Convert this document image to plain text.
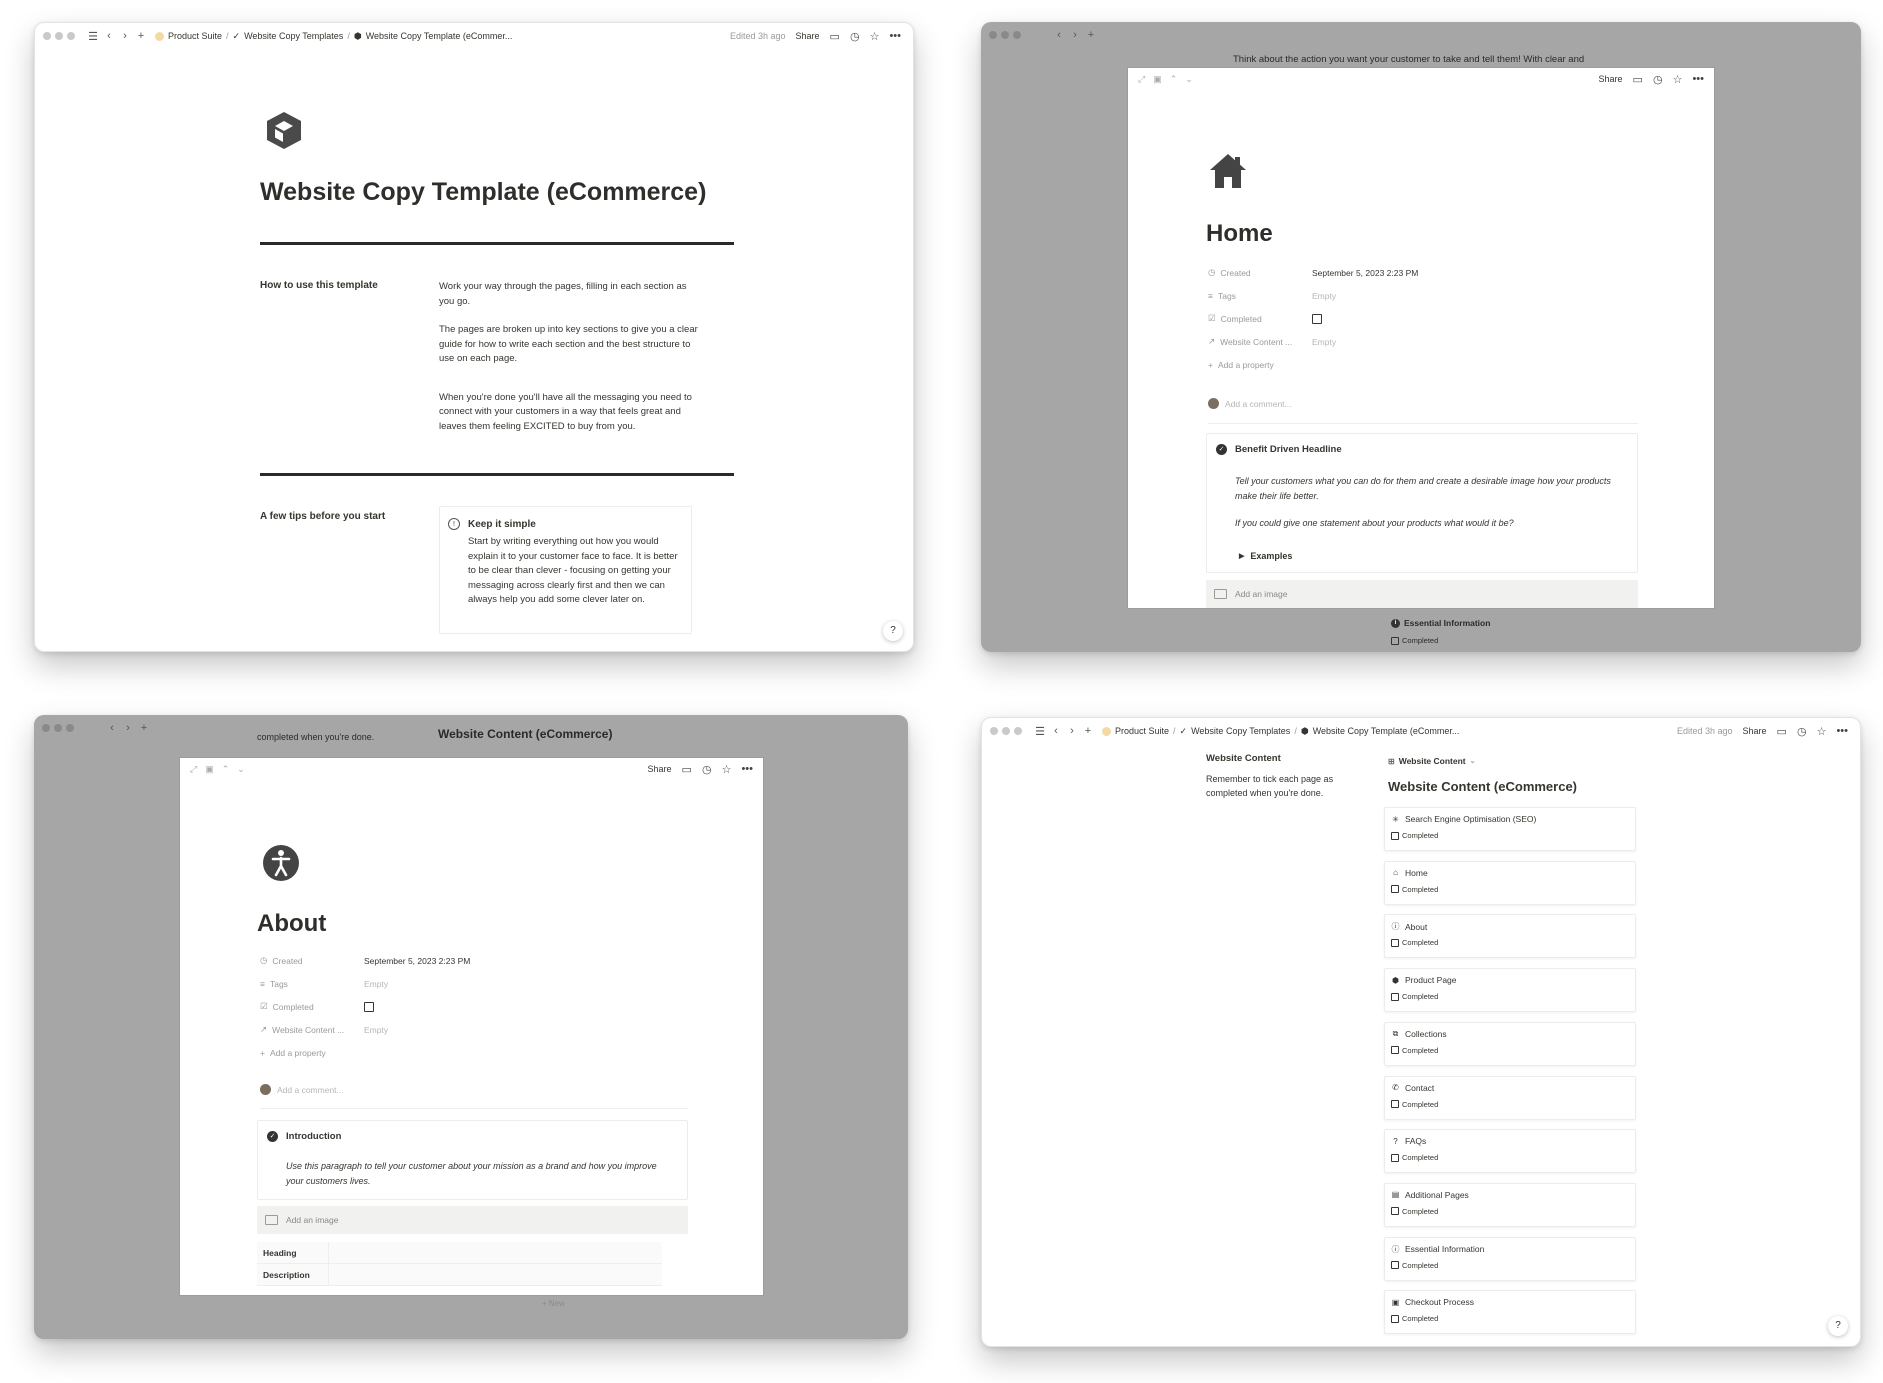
☰ ‹	› +	Product Suite / ✓ Website Copy Templates / ⬢ Website Copy Template (eCommer...	Edited 3h ago Share ▭ ◷ ☆ •••
Website Copy Template (eCommerce)
How to use this template	Work your way through the pages, filling in each section as you go.
The pages are broken up into key sections to give you a clear guide for how to write each section and the best structure to use on each page.
When you're done you'll have all the messaging you need to connect with your customers in a way that feels great and leaves them feeling EXCITED to buy from you.
A few tips before you start
!	Keep it simple
Start by writing everything out how you would explain it to your customer face to face. It is better to be clear than clever - focusing on getting your messaging across clearly first and then we can always help you add some clever later on.
?
‹	› +
Think about the action you want your customer to take and tell them! With clear and
⤢ ▣ ⌃ ⌄	Share ▭ ◷ ☆ •••
Home
◷ Created	September 5, 2023 2:23 PM
≡ Tags	Empty
☑ Completed
↗ Website Content ... Empty
+ Add a property
Add a comment...
✓ Benefit Driven Headline
Tell your customers what you can do for them and create a desirable image how your products make their life better.
If you could give one statement about your products what would it be?
▶ Examples
Add an image
i Essential Information
Completed
‹	› +
completed when you're done.	Website Content (eCommerce)
⤢ ▣ ⌃ ⌄	Share ▭ ◷ ☆ •••
About
◷ Created	September 5, 2023 2:23 PM
≡ Tags	Empty
☑ Completed
↗ Website Content ... Empty
+ Add a property
Add a comment...
✓ Introduction
Use this paragraph to tell your customer about your mission as a brand and how you improve your customers lives.
Add an image
Heading
Description
+ New
☰ ‹	› +	Product Suite / ✓ Website Copy Templates / ⬢ Website Copy Template (eCommer...	Edited 3h ago Share ▭ ◷ ☆ •••
Website Content
Remember to tick each page as completed when you're done.
⊞ Website Content ⌄
Website Content (eCommerce)
✳ Search Engine Optimisation (SEO)
Completed
⌂ Home
Completed
ⓘ About
Completed
⬢ Product Page
Completed
⧉ Collections
Completed
✆ Contact
Completed
? FAQs
Completed
▤ Additional Pages
Completed
ⓘ Essential Information
Completed
▣ Checkout Process
Completed
?
